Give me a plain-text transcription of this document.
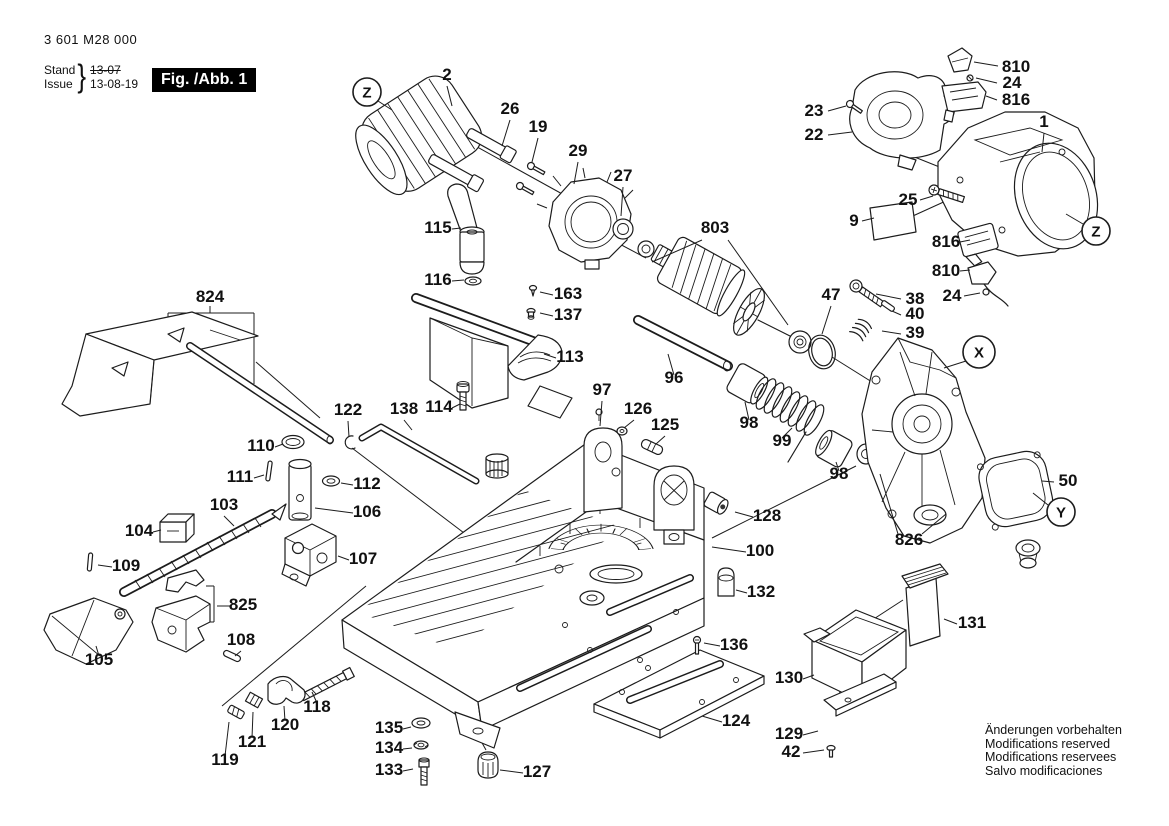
3 601 M28 000
Stand
Issue } 13-07
13-08-19	Fig. /Abb. 1
Änderungen vorbehalten
Modifications reserved
Modifications reservees
Salvo modificaciones
2
26
19
29
27
803
810
24
816
23
22
1
25
9
816
810
24
47	38
40
39
163
137
115
116
113
96
97
114
138
122
824
110
111
126
125	98
99
98	50
112
103	106
104
107
109
128
100
826
825
108
105
131
136
118
120
121
119
130
124
135
134
133	127
129
42
132
Z
Z
X
Y
